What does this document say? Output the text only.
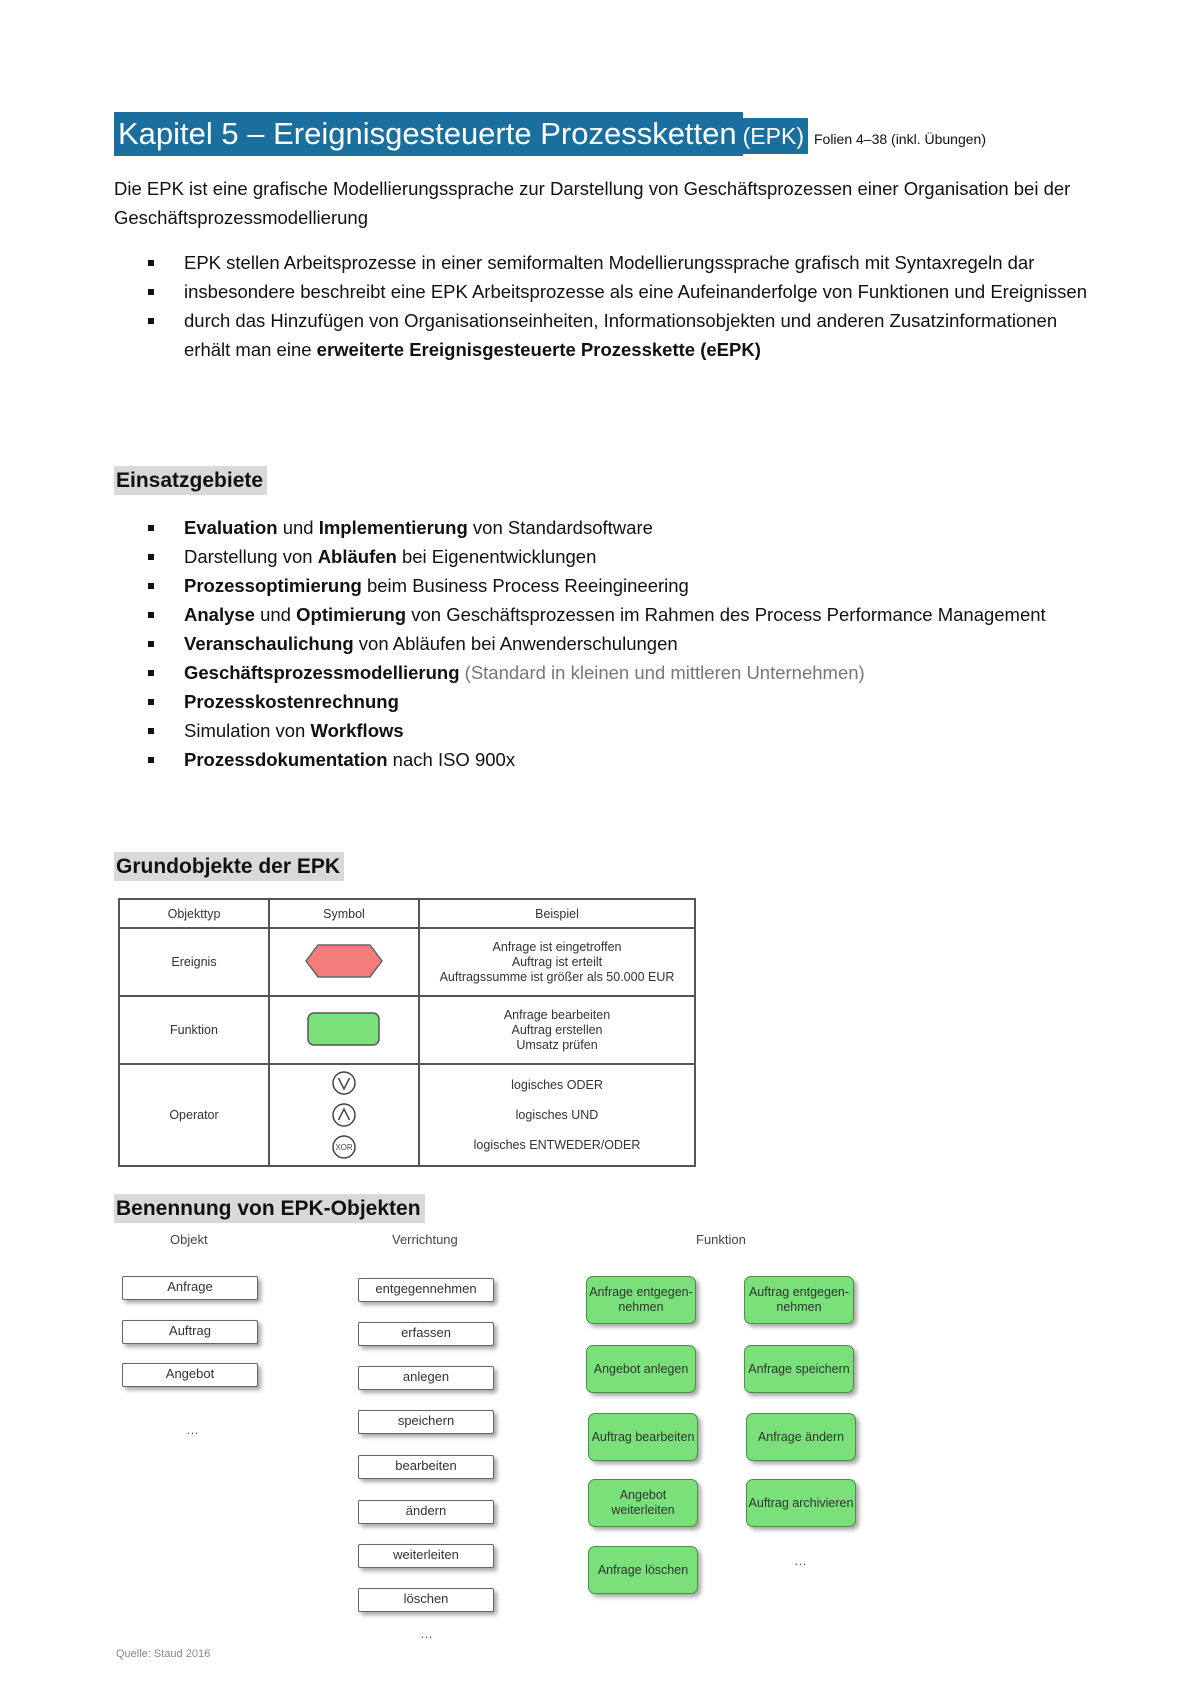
Kapitel 5 – Ereignisgesteuerte Prozessketten (EPK) Folien 4–38 (inkl. Übungen)
Die EPK ist eine grafische Modellierungssprache zur Darstellung von Geschäftsprozessen einer Organisation bei der Geschäftsprozessmodellierung
EPK stellen Arbeitsprozesse in einer semiformalten Modellierungssprache grafisch mit Syntaxregeln dar
insbesondere beschreibt eine EPK Arbeitsprozesse als eine Aufeinanderfolge von Funktionen und Ereignissen
durch das Hinzufügen von Organisationseinheiten, Informationsobjekten und anderen Zusatzinformationen erhält man eine erweiterte Ereignisgesteuerte Prozesskette (eEPK)
Einsatzgebiete
Evaluation und Implementierung von Standardsoftware
Darstellung von Abläufen bei Eigenentwicklungen
Prozessoptimierung beim Business Process Reeingineering
Analyse und Optimierung von Geschäftsprozessen im Rahmen des Process Performance Management
Veranschaulichung von Abläufen bei Anwenderschulungen
Geschäftsprozessmodellierung (Standard in kleinen und mittleren Unternehmen)
Prozesskostenrechnung
Simulation von Workflows
Prozessdokumentation nach ISO 900x
Grundobjekte der EPK
Objekttyp	Symbol	Beispiel
Ereignis		Anfrage ist eingetroffen
Auftrag ist erteilt
Auftragssumme ist größer als 50.000 EUR

Funktion		Anfrage bearbeiten
Auftrag erstellen
Umsatz prüfen

Operator	XOR	logisches ODER
logisches UND
logisches ENTWEDER/ODER
Benennung von EPK-Objekten
Objekt	Verrichtung	Funktion
Anfrage
Auftrag
Angebot
…
entgegennehmen
erfassen
anlegen
speichern
bearbeiten
ändern
weiterleiten
löschen
…
Anfrage entgegen-nehmen
Angebot anlegen
Auftrag bearbeiten
Angebot weiterleiten
Anfrage löschen
Auftrag entgegen-nehmen
Anfrage speichern
Anfrage ändern
Auftrag archivieren
…
Quelle: Staud 2016
